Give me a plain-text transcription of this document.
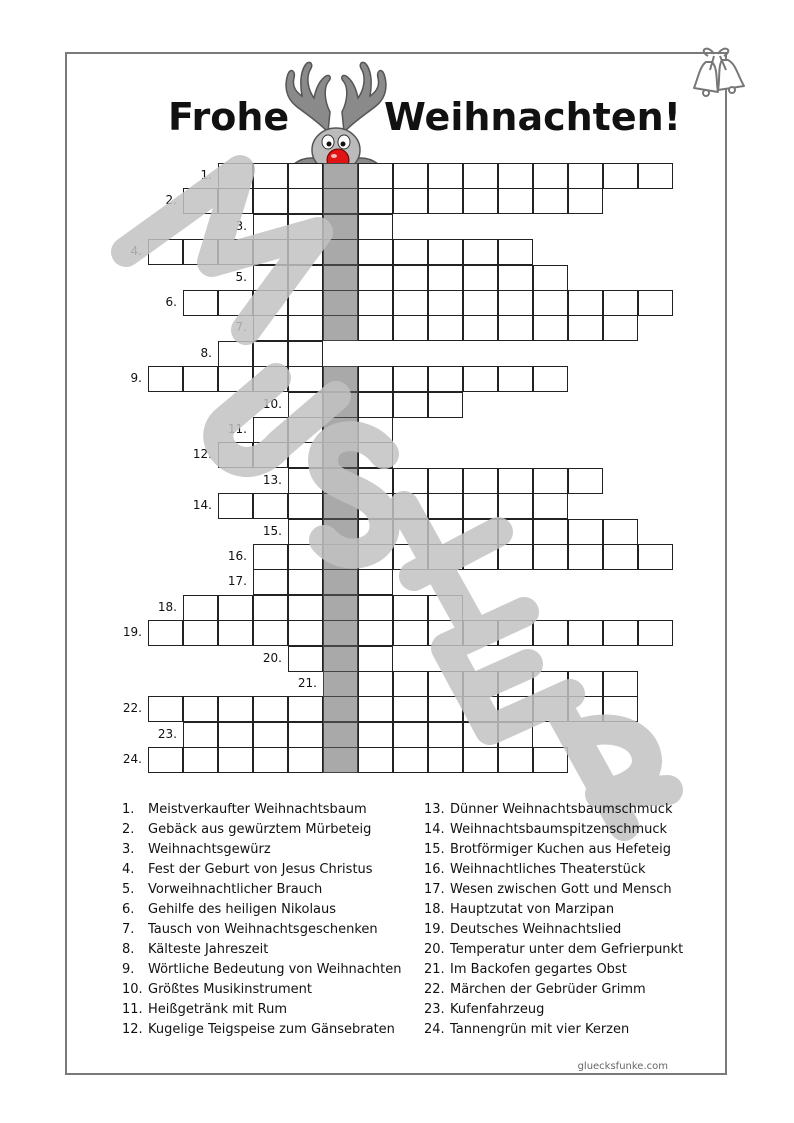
Frohe Weihnachten!
1.
2.
3.
4.
5.
6.
7.
8.
9.
10.
11.
12.
13.
14.
15.
16.
17.
18.
19.
20.
21.
22.
23.
24.
1.	Meistverkaufter Weihnachtsbaum
2.	Gebäck aus gewürztem Mürbeteig
3.	Weihnachtsgewürz
4.	Fest der Geburt von Jesus Christus
5.	Vorweihnachtlicher Brauch
6.	Gehilfe des heiligen Nikolaus
7.	Tausch von Weihnachtsgeschenken
8.	Kälteste Jahreszeit
9.	Wörtliche Bedeutung von Weihnachten
10. Größtes Musikinstrument
11. Heißgetränk mit Rum
12. Kugelige Teigspeise zum Gänsebraten
13. Dünner Weihnachtsbaumschmuck
14. Weihnachtsbaumspitzenschmuck
15. Brotförmiger Kuchen aus Hefeteig
16. Weihnachtliches Theaterstück
17. Wesen zwischen Gott und Mensch
18. Hauptzutat von Marzipan
19. Deutsches Weihnachtslied
20. Temperatur unter dem Gefrierpunkt
21. Im Backofen gegartes Obst
22. Märchen der Gebrüder Grimm
23. Kufenfahrzeug
24. Tannengrün mit vier Kerzen
gluecksfunke.com
